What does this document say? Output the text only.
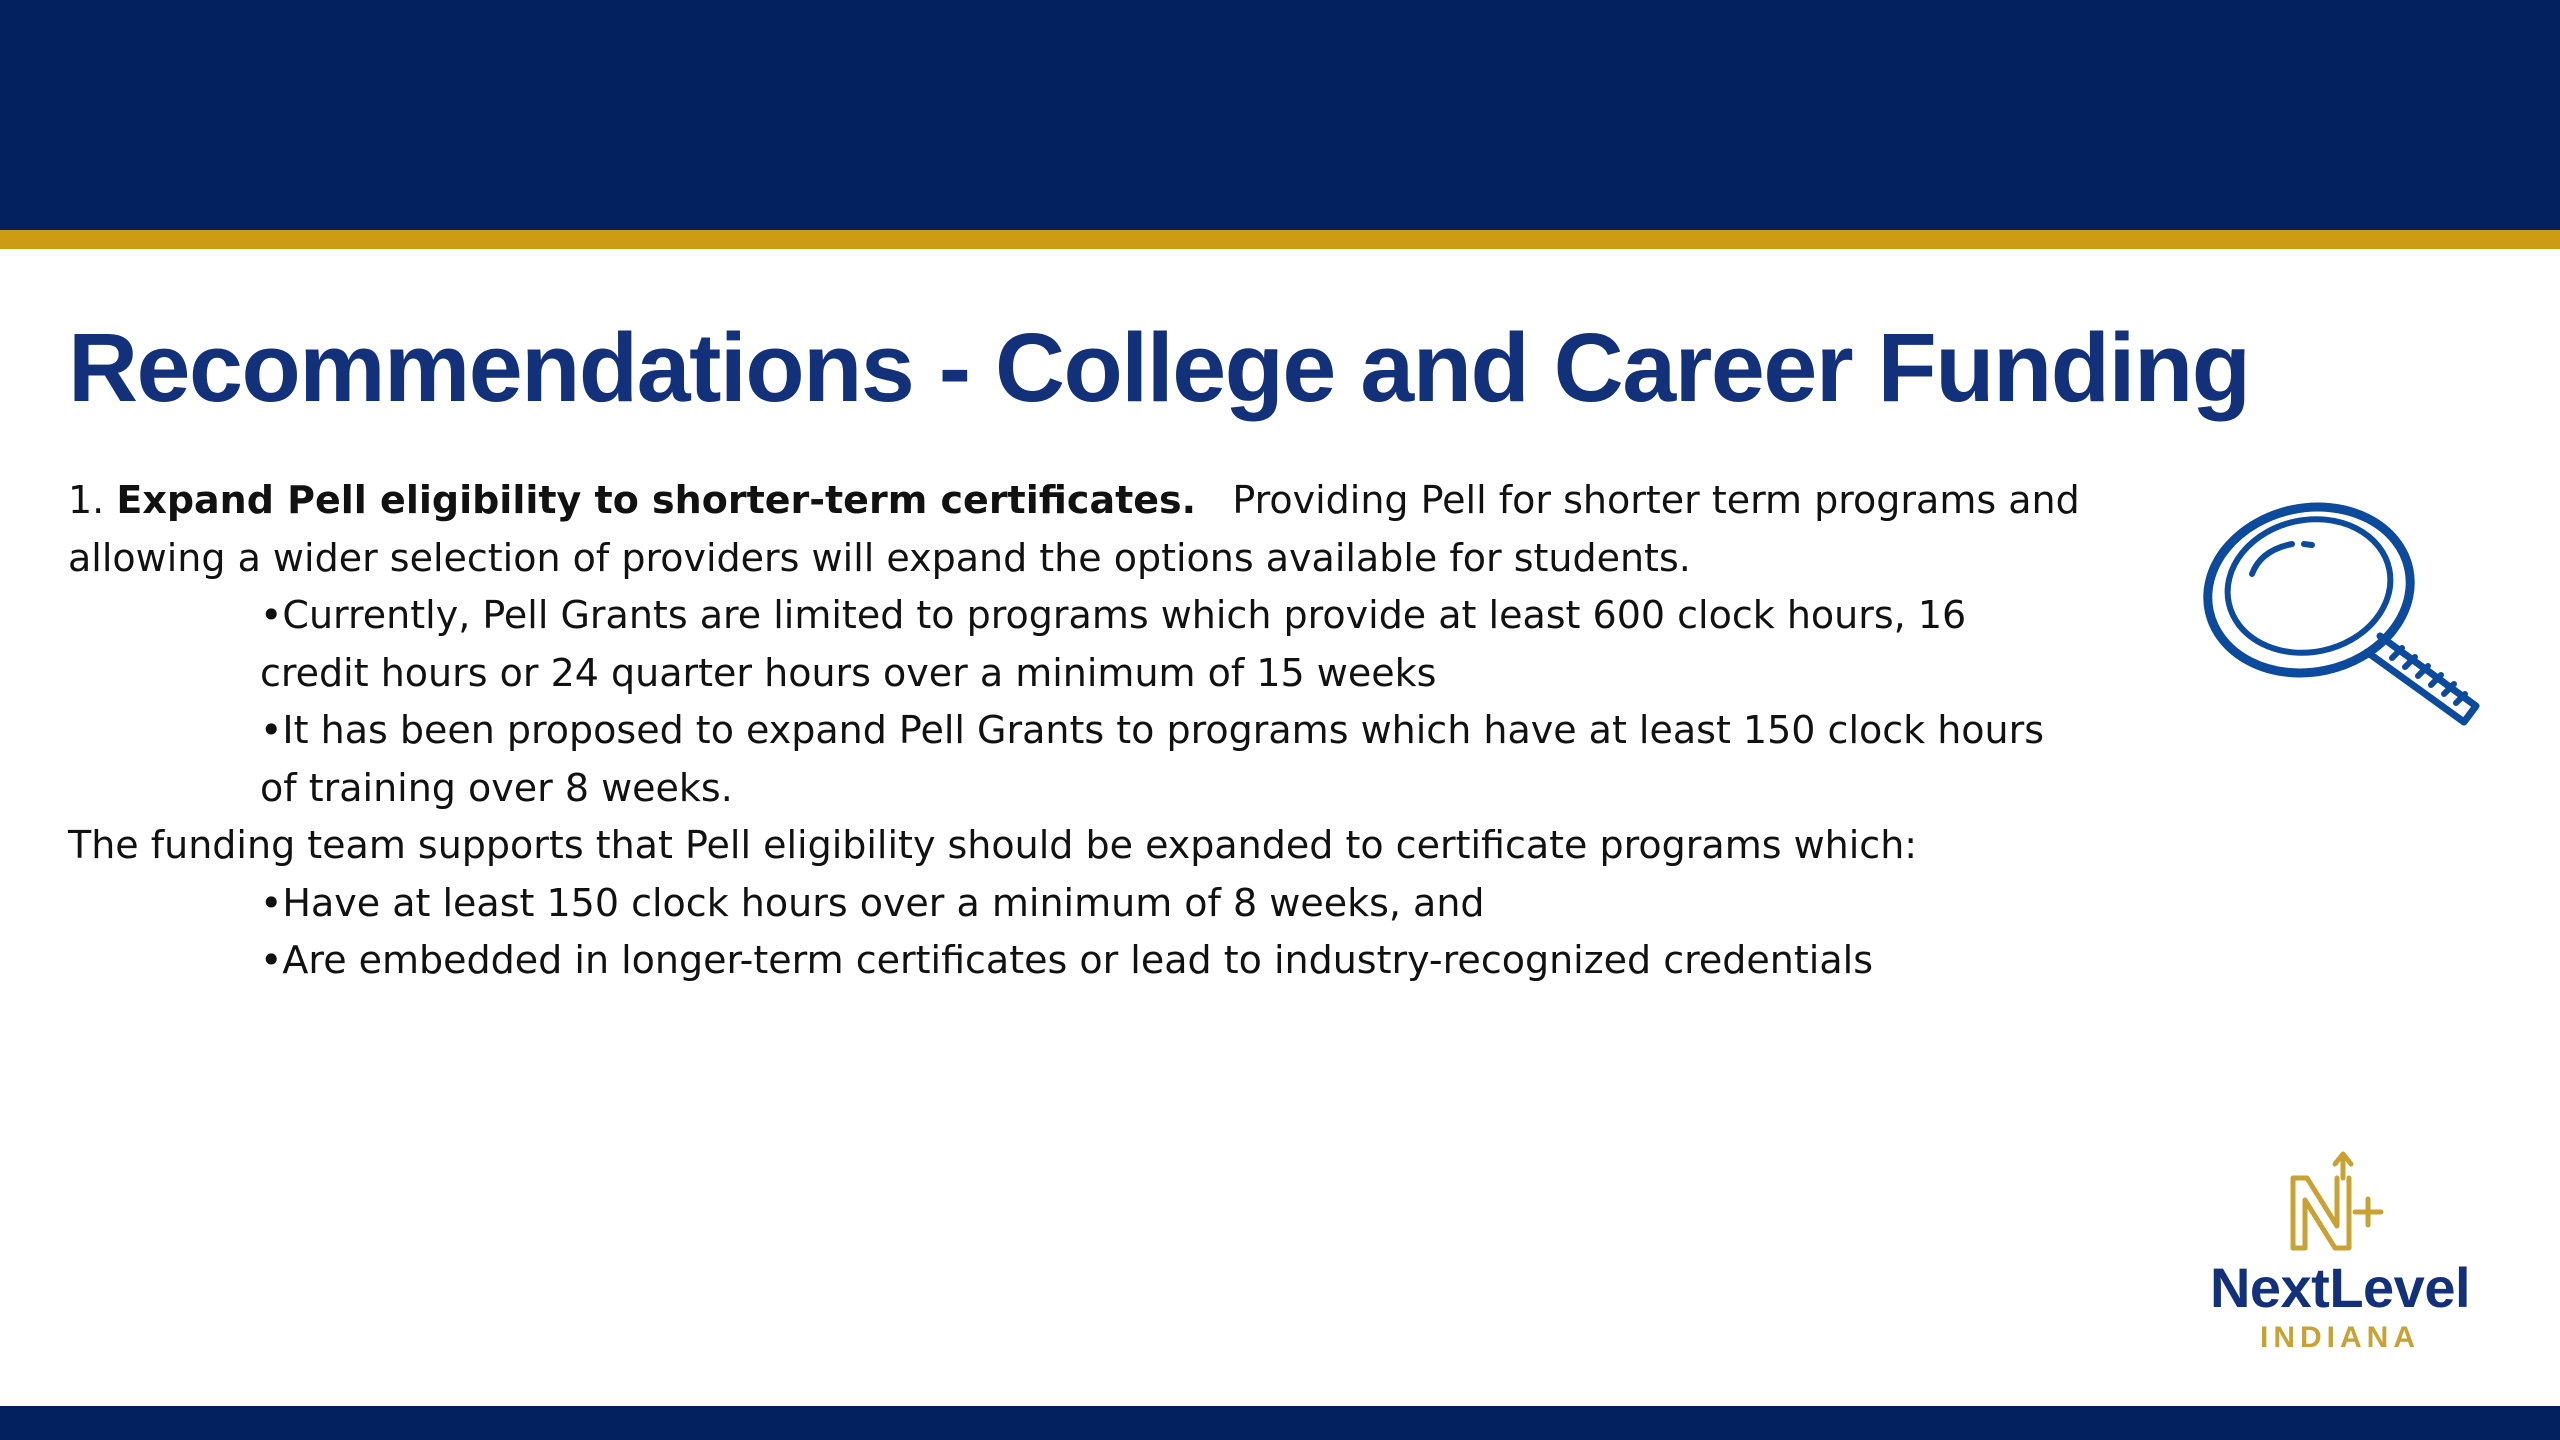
Recommendations - College and Career Funding

1. Expand Pell eligibility to shorter-term certificates. Providing Pell for shorter term programs and

allowing a wider selection of providers will expand the options available for students.

•Currently, Pell Grants are limited to programs which provide at least 600 clock hours, 16

credit hours or 24 quarter hours over a minimum of 15 weeks

•It has been proposed to expand Pell Grants to programs which have at least 150 clock hours

of training over 8 weeks.

The funding team supports that Pell eligibility should be expanded to certificate programs which:

•Have at least 150 clock hours over a minimum of 8 weeks, and

•Are embedded in longer-term certificates or lead to industry-recognized credentials

NextLevel
INDIANA
